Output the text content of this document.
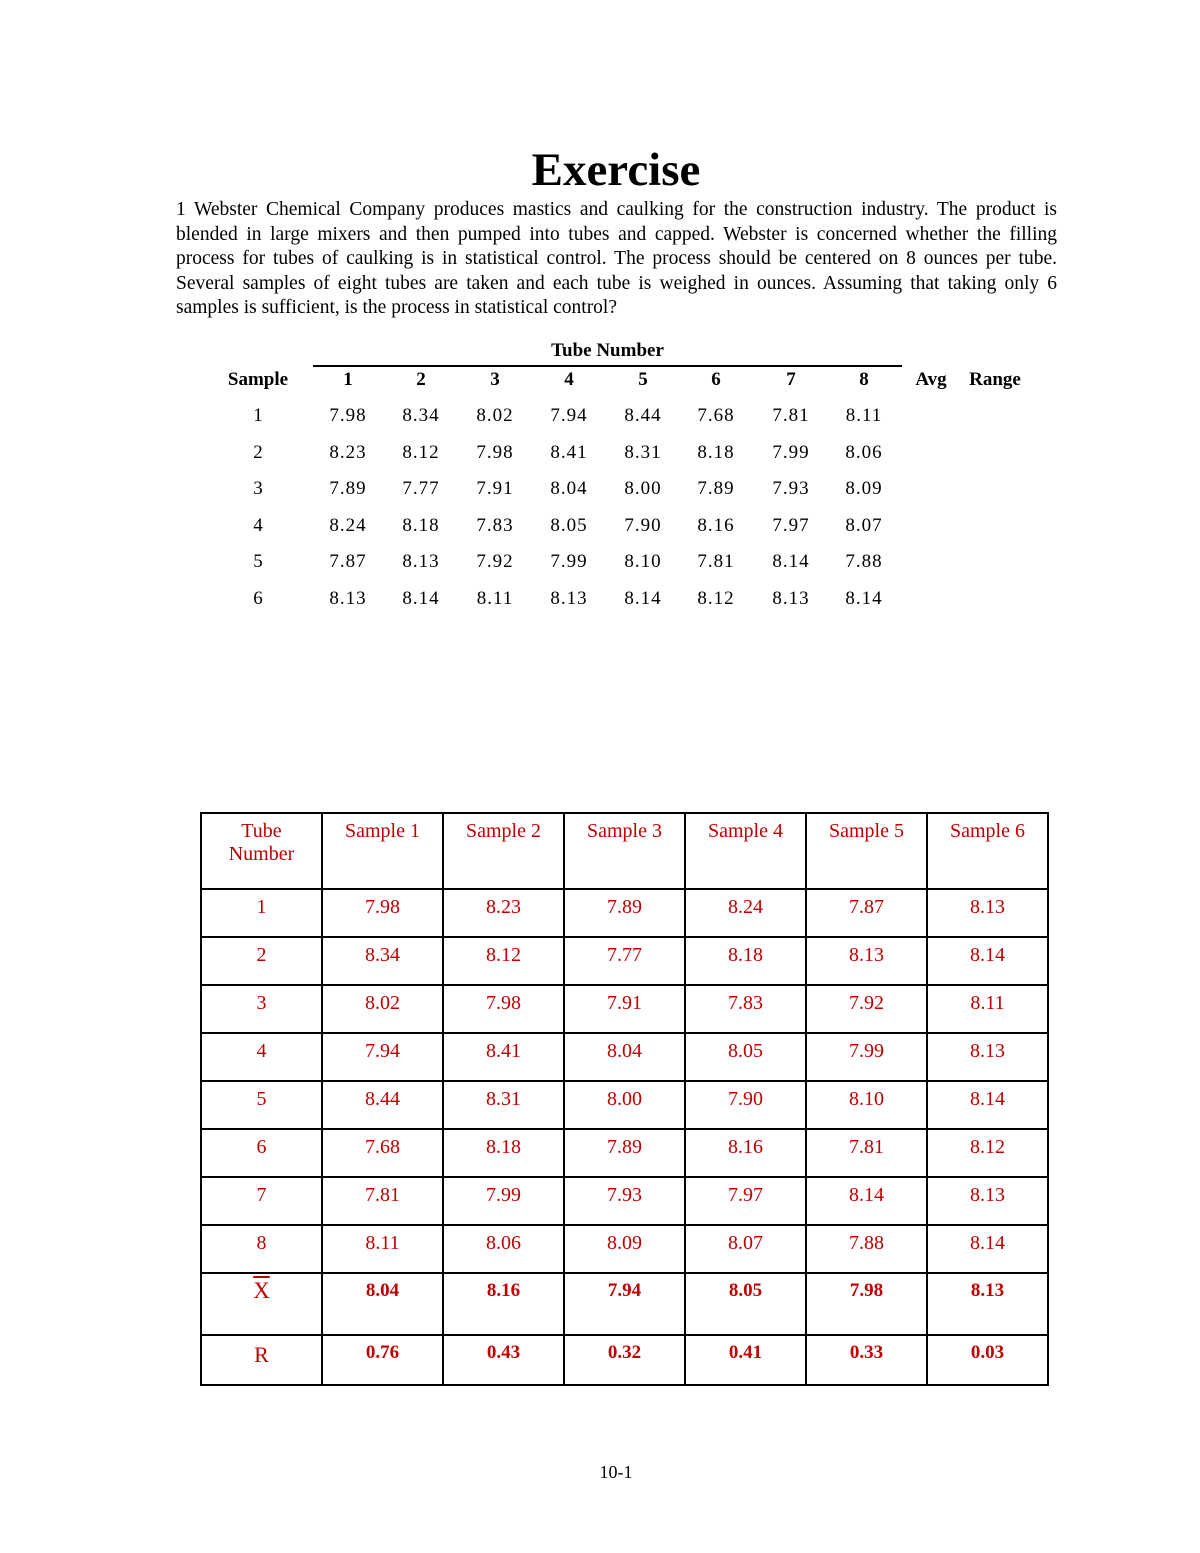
Exercise
1 Webster Chemical Company produces mastics and caulking for the construction industry. The product is blended in large mixers and then pumped into tubes and capped. Webster is concerned whether the filling process for tubes of caulking is in statistical control. The process should be centered on 8 ounces per tube. Several samples of eight tubes are taken and each tube is weighed in ounces. Assuming that taking only 6 samples is sufficient, is the process in statistical control?
Tube Number
Sample	1	2	3	4	5	6	7	8	Avg	Range
1	7.98	8.34	8.02	7.94	8.44	7.68	7.81	8.11
2	8.23	8.12	7.98	8.41	8.31	8.18	7.99	8.06
3	7.89	7.77	7.91	8.04	8.00	7.89	7.93	8.09
4	8.24	8.18	7.83	8.05	7.90	8.16	7.97	8.07
5	7.87	8.13	7.92	7.99	8.10	7.81	8.14	7.88
6	8.13	8.14	8.11	8.13	8.14	8.12	8.13	8.14
Tube Number	Sample 1	Sample 2	Sample 3	Sample 4	Sample 5	Sample 6
1	7.98	8.23	7.89	8.24	7.87	8.13
2	8.34	8.12	7.77	8.18	8.13	8.14
3	8.02	7.98	7.91	7.83	7.92	8.11
4	7.94	8.41	8.04	8.05	7.99	8.13
5	8.44	8.31	8.00	7.90	8.10	8.14
6	7.68	8.18	7.89	8.16	7.81	8.12
7	7.81	7.99	7.93	7.97	8.14	8.13
8	8.11	8.06	8.09	8.07	7.88	8.14
$\overline{X}$	8.04	8.16	7.94	8.05	7.98	8.13
R	0.76	0.43	0.32	0.41	0.33	0.03
10-1
